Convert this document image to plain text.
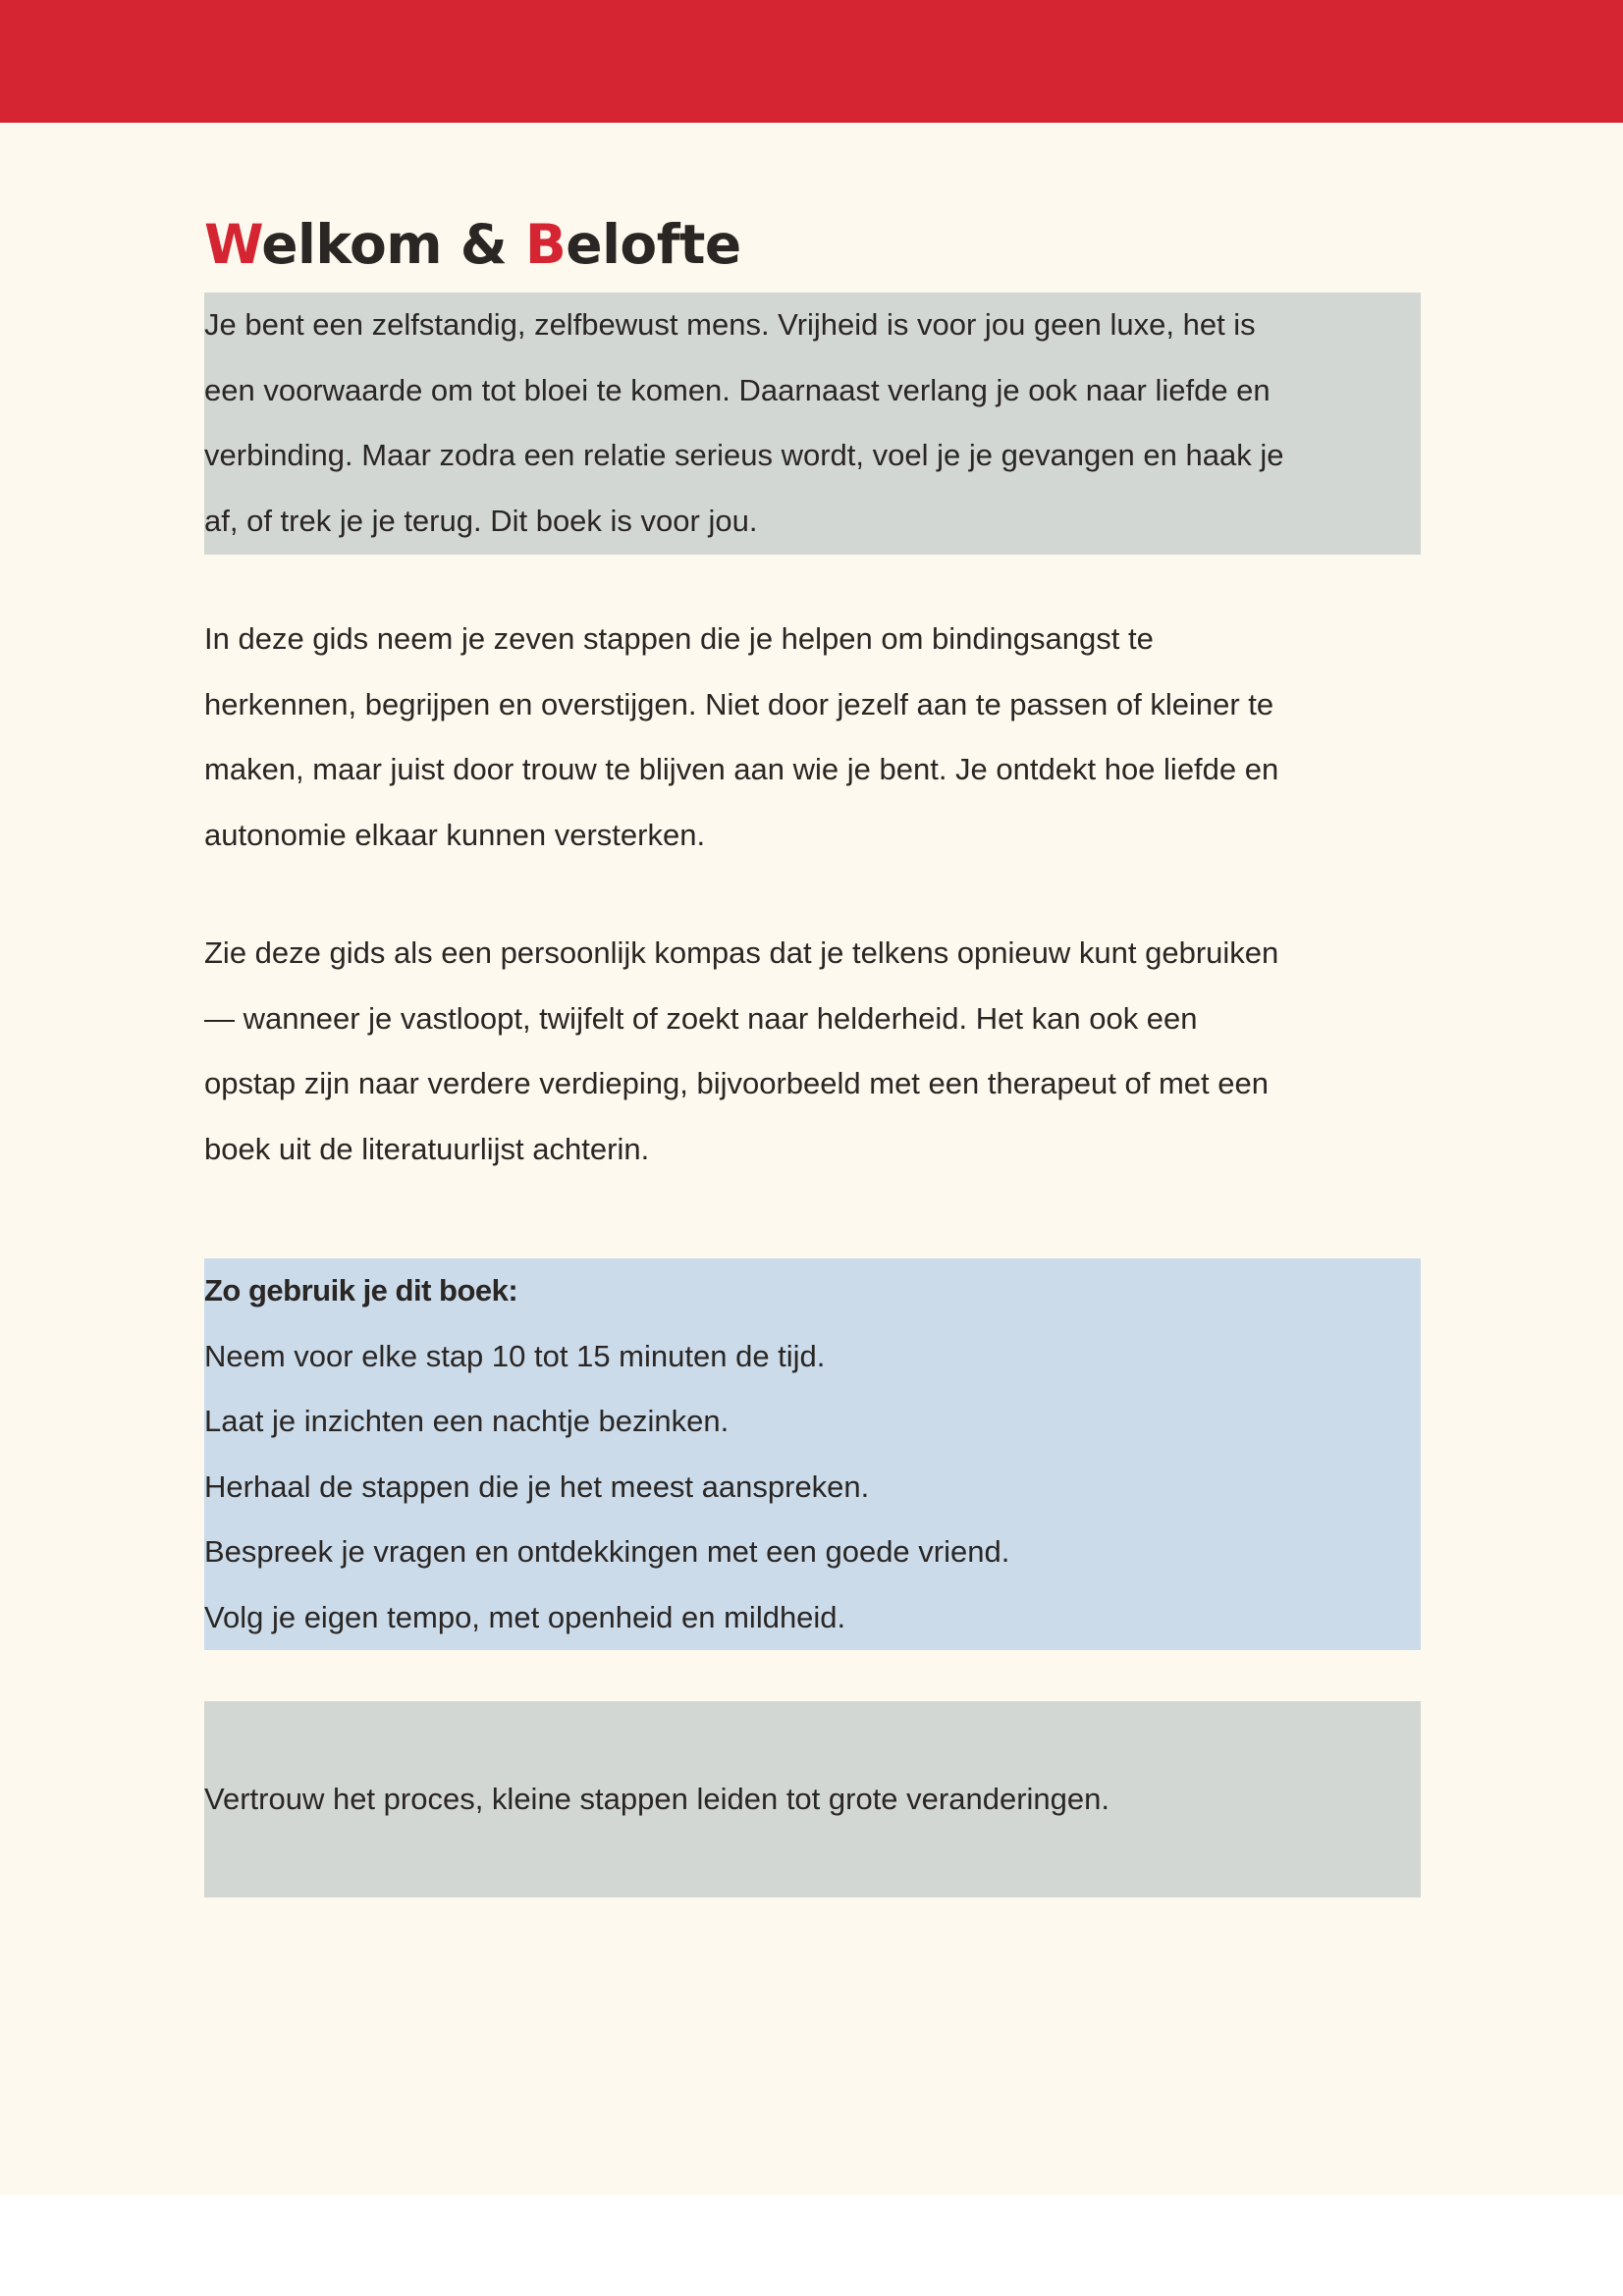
Welkom & Belofte
Je bent een zelfstandig, zelfbewust mens. Vrijheid is voor jou geen luxe, het is
een voorwaarde om tot bloei te komen. Daarnaast verlang je ook naar liefde en
verbinding. Maar zodra een relatie serieus wordt, voel je je gevangen en haak je
af, of trek je je terug. Dit boek is voor jou.
In deze gids neem je zeven stappen die je helpen om bindingsangst te
herkennen, begrijpen en overstijgen. Niet door jezelf aan te passen of kleiner te
maken, maar juist door trouw te blijven aan wie je bent. Je ontdekt hoe liefde en
autonomie elkaar kunnen versterken.
Zie deze gids als een persoonlijk kompas dat je telkens opnieuw kunt gebruiken
— wanneer je vastloopt, twijfelt of zoekt naar helderheid. Het kan ook een
opstap zijn naar verdere verdieping, bijvoorbeeld met een therapeut of met een
boek uit de literatuurlijst achterin.
Zo gebruik je dit boek:
Neem voor elke stap 10 tot 15 minuten de tijd.
Laat je inzichten een nachtje bezinken.
Herhaal de stappen die je het meest aanspreken.
Bespreek je vragen en ontdekkingen met een goede vriend.
Volg je eigen tempo, met openheid en mildheid.
Vertrouw het proces, kleine stappen leiden tot grote veranderingen.
